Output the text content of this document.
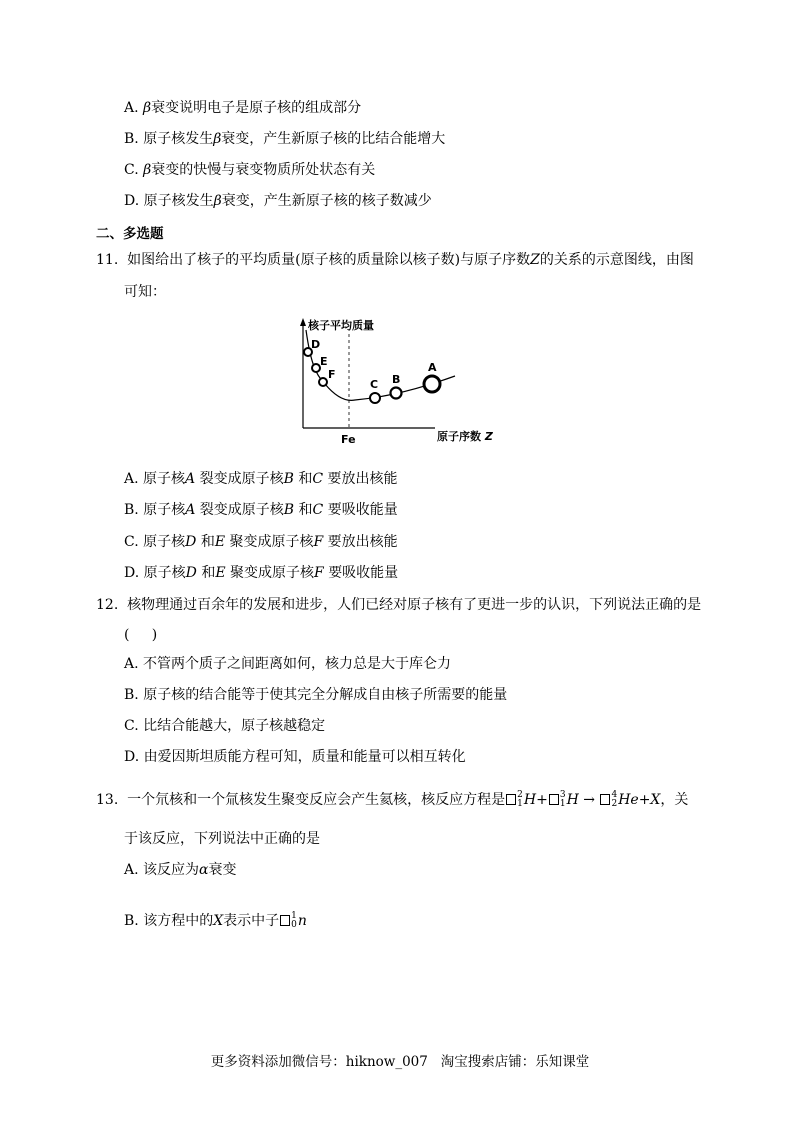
A. β衰变说明电子是原子核的组成部分
B. 原子核发生β衰变，产生新原子核的比结合能增大
C. β衰变的快慢与衰变物质所处状态有关
D. 原子核发生β衰变，产生新原子核的核子数减少
二、多选题
11. 如图给出了核子的平均质量(原子核的质量除以核子数)与原子序数Z的关系的示意图线，由图
可知：
D
E
F
C B
A
核子平均质量
Fe	原子序数 Z
A. 原子核A 裂变成原子核B 和C 要放出核能
B. 原子核A 裂变成原子核B 和C 要吸收能量
C. 原子核D 和E 聚变成原子核F 要放出核能
D. 原子核D 和E 聚变成原子核F 要吸收能量
12. 核物理通过百余年的发展和进步，人们已经对原子核有了更进一步的认识，下列说法正确的是
(     )
A. 不管两个质子之间距离如何，核力总是大于库仑力
B. 原子核的结合能等于使其完全分解成自由核子所需要的能量
C. 比结合能越大，原子核越稳定
D. 由爱因斯坦质能方程可知，质量和能量可以相互转化
13. 一个氘核和一个氚核发生聚变反应会产生氦核，核反应方程是 2
1 H+ 3
1 H → 4
2 He+X，关
于该反应，下列说法中正确的是
A. 该反应为α衰变
B. 该方程中的X表示中子 1
0 n
更多资料添加微信号：hiknow_007   淘宝搜索店铺：乐知课堂
